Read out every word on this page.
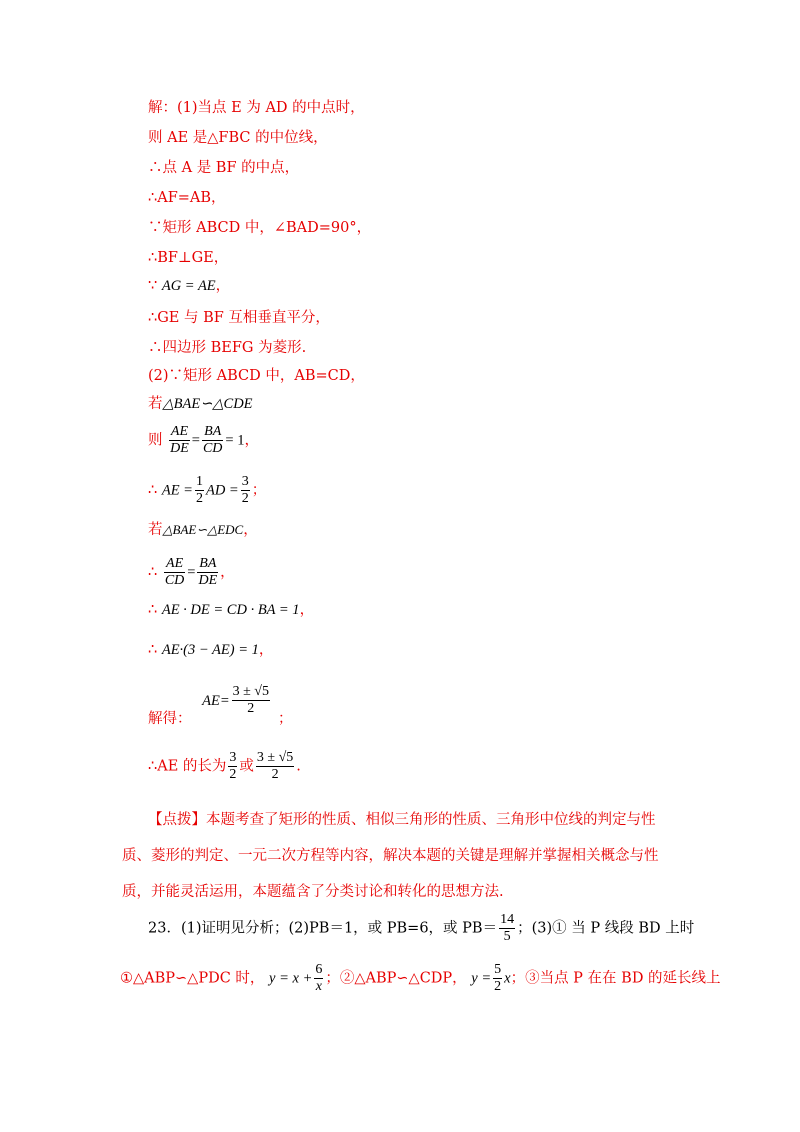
解：(1)当点 E 为 AD 的中点时，
则 AE 是△FBC 的中位线，
∴点 A 是 BF 的中点，
∴AF=AB，
∵矩形 ABCD 中，∠BAD=90°，
∴BF⊥GE，
∵ AG = AE，
∴GE 与 BF 互相垂直平分，
∴四边形 BEFG 为菱形.
(2)∵矩形 ABCD 中，AB=CD，
若△BAE∽△CDE
则 $\frac{AE}{DE} = \frac{BA}{CD} = 1$，
∴ AE = $\frac{1}{2}$ AD = $\frac{3}{2}$ ；
若△BAE∽△EDC，
∴ $\frac{AE}{CD} = \frac{BA}{DE}$ ，
∴ AE · DE = CD · BA = 1，
∴ AE·(3 − AE) = 1，
解得： $AE= \frac{3 \pm √5}{2}$
；
∴AE 的长为 $\frac{3}{2}$ 或 $\frac{3 \pm √5}{2}$ .
【点拨】本题考查了矩形的性质、相似三角形的性质、三角形中位线的判定与性质、菱形的判定、一元二次方程等内容，解决本题的关键是理解并掌握相关概念与性质，并能灵活运用，本题蕴含了分类讨论和转化的思想方法.
23．(1)证明见分析；(2)PB＝1，或 PB=6，或 $PB= \frac{14}{5}$ ；(3)① 当 P 线段 BD 上时
①△ABP∽△PDC 时， $y = x + \frac{6}{x}$ ；②△ABP∽△CDP， $y = \frac{5}{2}$ x；③当点 P 在在 BD 的延长线上
